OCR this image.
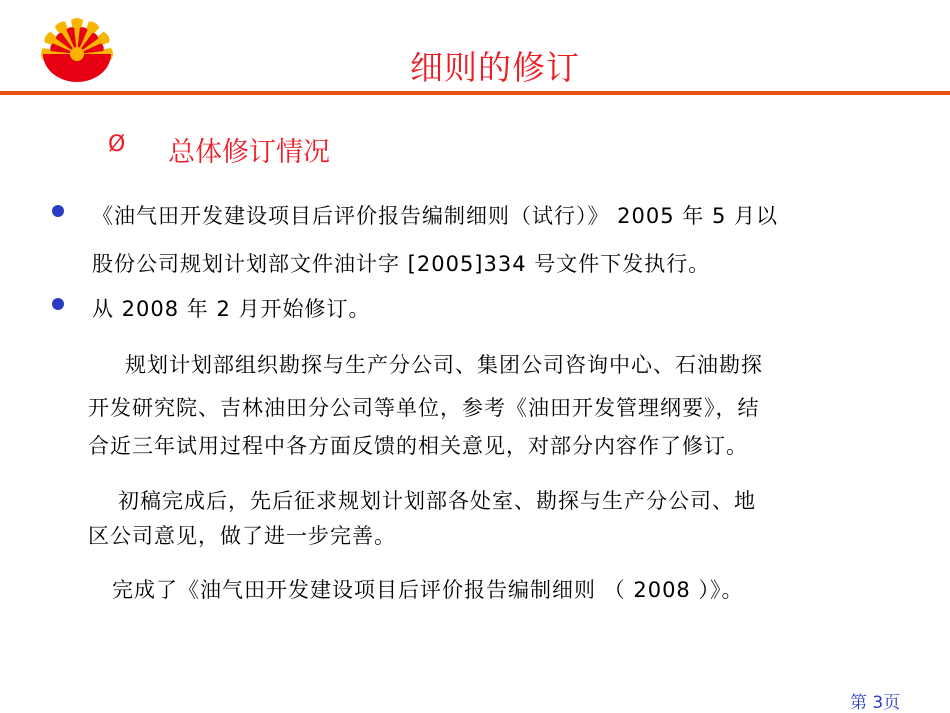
细则的修订
Ø 总体修订情况
《油气田开发建设项目后评价报告编制细则（试行）》 2005 年 5 月以
股份公司规划计划部文件油计字 [2005]334 号文件下发执行。
从 2008 年 2 月开始修订。
规划计划部组织勘探与生产分公司、集团公司咨询中心、石油勘探
开发研究院、吉林油田分公司等单位，参考《油田开发管理纲要》，结
合近三年试用过程中各方面反馈的相关意见，对部分内容作了修订。
初稿完成后，先后征求规划计划部各处室、勘探与生产分公司、地
区公司意见，做了进一步完善。
完成了《油气田开发建设项目后评价报告编制细则 （ 2008 ）》。
第 3页
